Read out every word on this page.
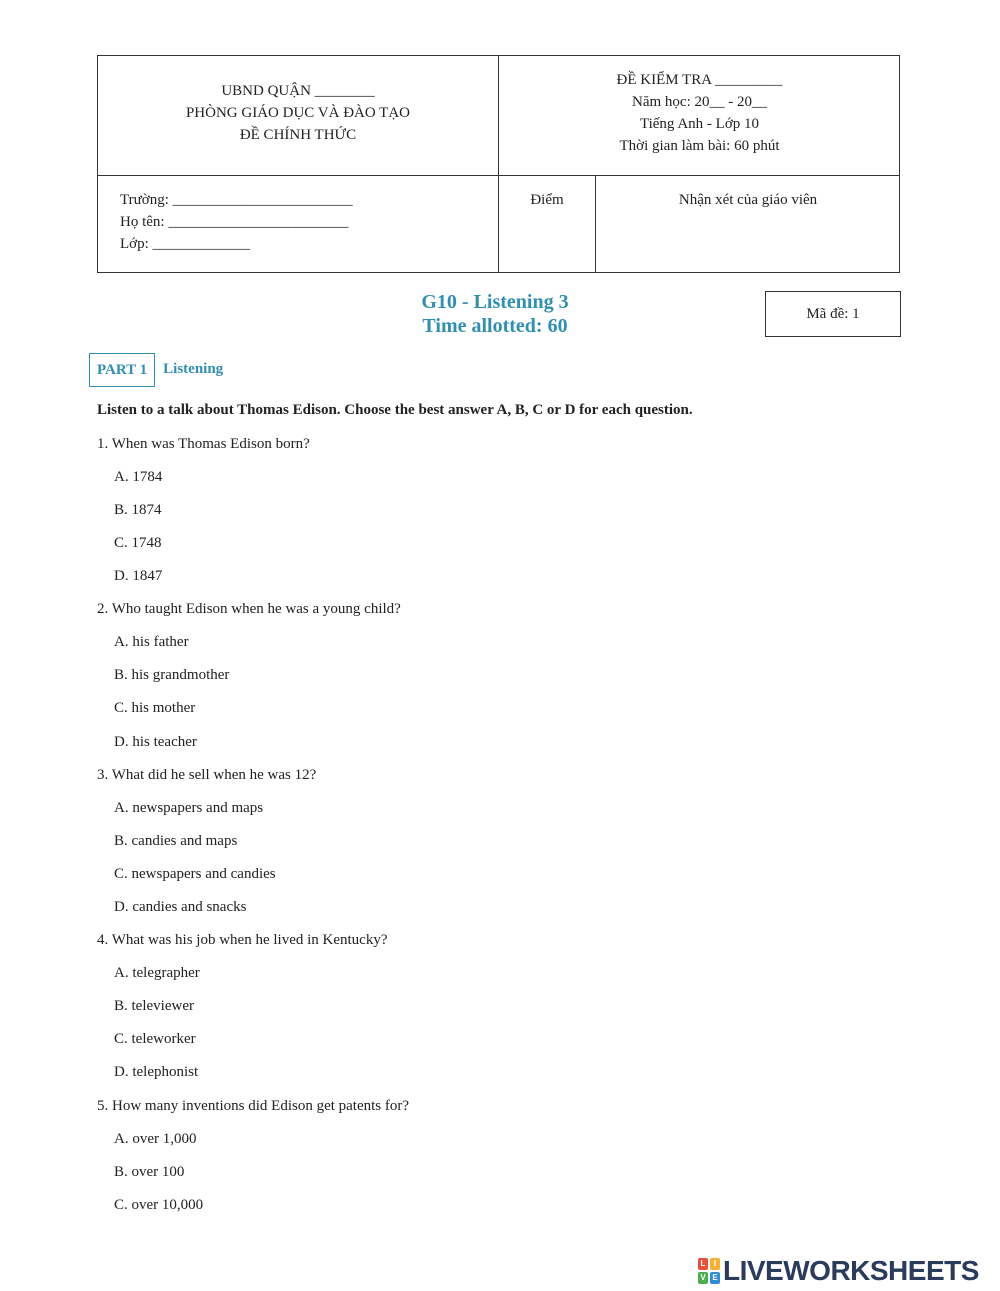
UBND QUẬN ________
PHÒNG GIÁO DỤC VÀ ĐÀO TẠO
ĐỀ CHÍNH THỨC
ĐỀ KIỂM TRA _________
Năm học: 20__ - 20__
Tiếng Anh - Lớp 10
Thời gian làm bài: 60 phút
Trường: ________________________
Họ tên: ________________________
Lớp: _____________
Điểm	Nhận xét của giáo viên
G10 - Listening 3
Time allotted: 60
Mã đề: 1
PART 1	Listening
Listen to a talk about Thomas Edison. Choose the best answer A, B, C or D for each question.
1. When was Thomas Edison born?
A. 1784
B. 1874
C. 1748
D. 1847
2. Who taught Edison when he was a young child?
A. his father
B. his grandmother
C. his mother
D. his teacher
3. What did he sell when he was 12?
A. newspapers and maps
B. candies and maps
C. newspapers and candies
D. candies and snacks
4. What was his job when he lived in Kentucky?
A. telegrapher
B. televiewer
C. teleworker
D. telephonist
5. How many inventions did Edison get patents for?
A. over 1,000
B. over 100
C. over 10,000
L	I
V E LIVEWORKSHEETS
